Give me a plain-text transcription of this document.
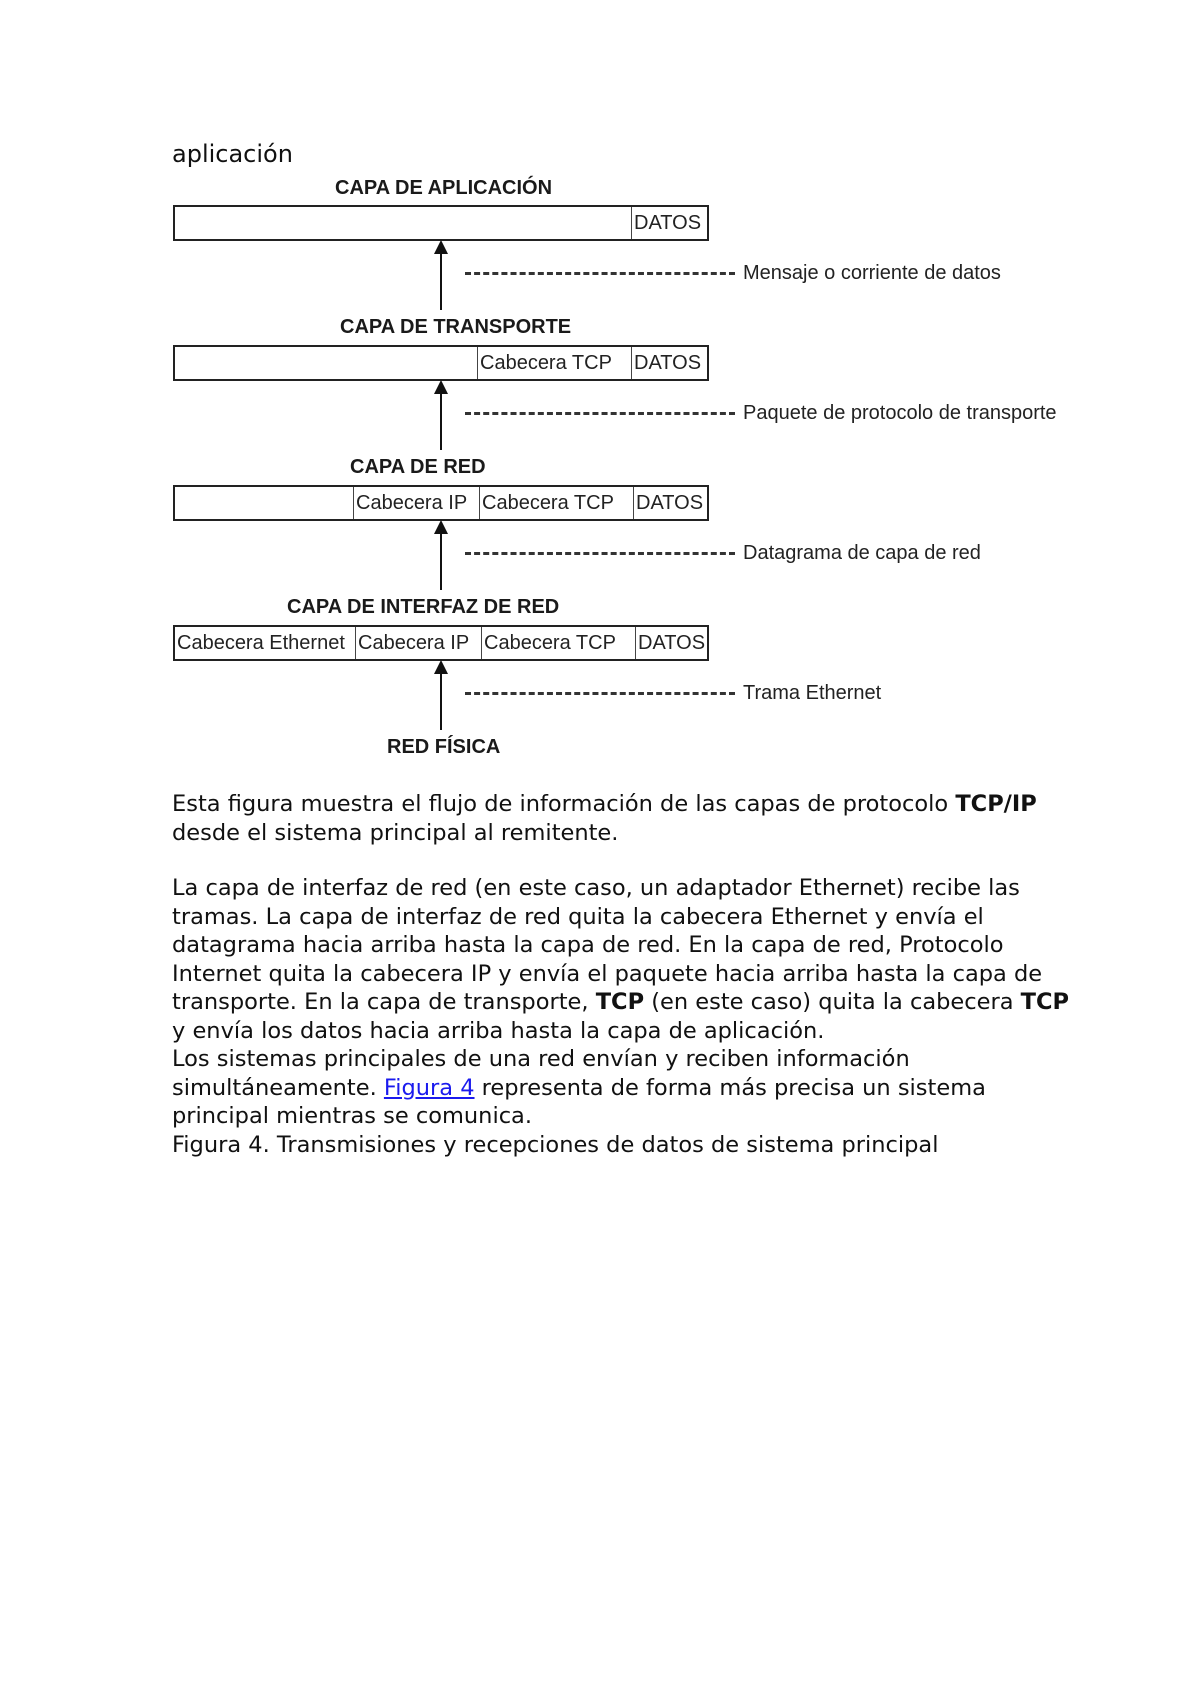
aplicación
CAPA DE APLICACIÓN
DATOS
Mensaje o corriente de datos
CAPA DE TRANSPORTE
Cabecera TCP	DATOS
Paquete de protocolo de transporte
CAPA DE RED
Cabecera IP Cabecera TCP	DATOS
Datagrama de capa de red
CAPA DE INTERFAZ DE RED
Cabecera Ethernet Cabecera IP Cabecera TCP	DATOS
Trama Ethernet
RED FÍSICA

Esta figura muestra el flujo de información de las capas de protocolo TCP/IP desde el sistema principal al remitente.

La capa de interfaz de red (en este caso, un adaptador Ethernet) recibe las tramas. La capa de interfaz de red quita la cabecera Ethernet y envía el datagrama hacia arriba hasta la capa de red. En la capa de red, Protocolo Internet quita la cabecera IP y envía el paquete hacia arriba hasta la capa de transporte. En la capa de transporte, TCP (en este caso) quita la cabecera TCP y envía los datos hacia arriba hasta la capa de aplicación.

Los sistemas principales de una red envían y reciben información simultáneamente. Figura 4 representa de forma más precisa un sistema principal mientras se comunica.

Figura 4. Transmisiones y recepciones de datos de sistema principal
